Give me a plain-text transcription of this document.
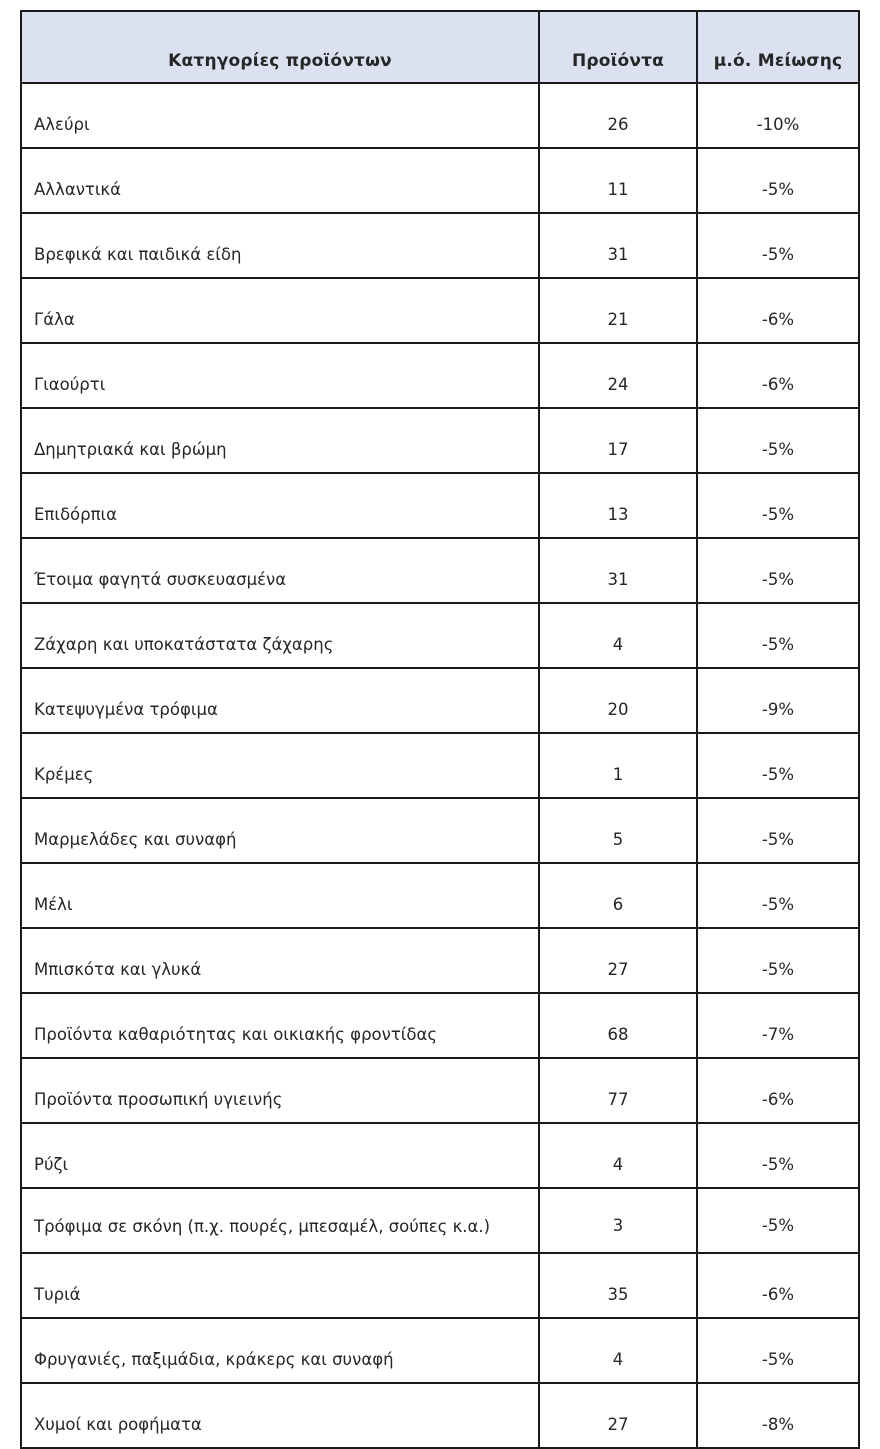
Κατηγορίες προϊόντων	Προϊόντα	μ.ό. Μείωσης
Αλεύρι	26	-10%
Αλλαντικά	11	-5%
Βρεφικά και παιδικά είδη	31	-5%
Γάλα	21	-6%
Γιαούρτι	24	-6%
Δημητριακά και βρώμη	17	-5%
Επιδόρπια	13	-5%
Έτοιμα φαγητά συσκευασμένα	31	-5%
Ζάχαρη και υποκατάστατα ζάχαρης	4	-5%
Κατεψυγμένα τρόφιμα	20	-9%
Κρέμες	1	-5%
Μαρμελάδες και συναφή	5	-5%
Μέλι	6	-5%
Μπισκότα και γλυκά	27	-5%
Προϊόντα καθαριότητας και οικιακής φροντίδας	68	-7%
Προϊόντα προσωπική υγιεινής	77	-6%
Ρύζι	4	-5%
Τρόφιμα σε σκόνη (π.χ. πουρές, μπεσαμέλ, σούπες κ.α.)	3	-5%
Τυριά	35	-6%
Φρυγανιές, παξιμάδια, κράκερς και συναφή	4	-5%
Χυμοί και ροφήματα	27	-8%
